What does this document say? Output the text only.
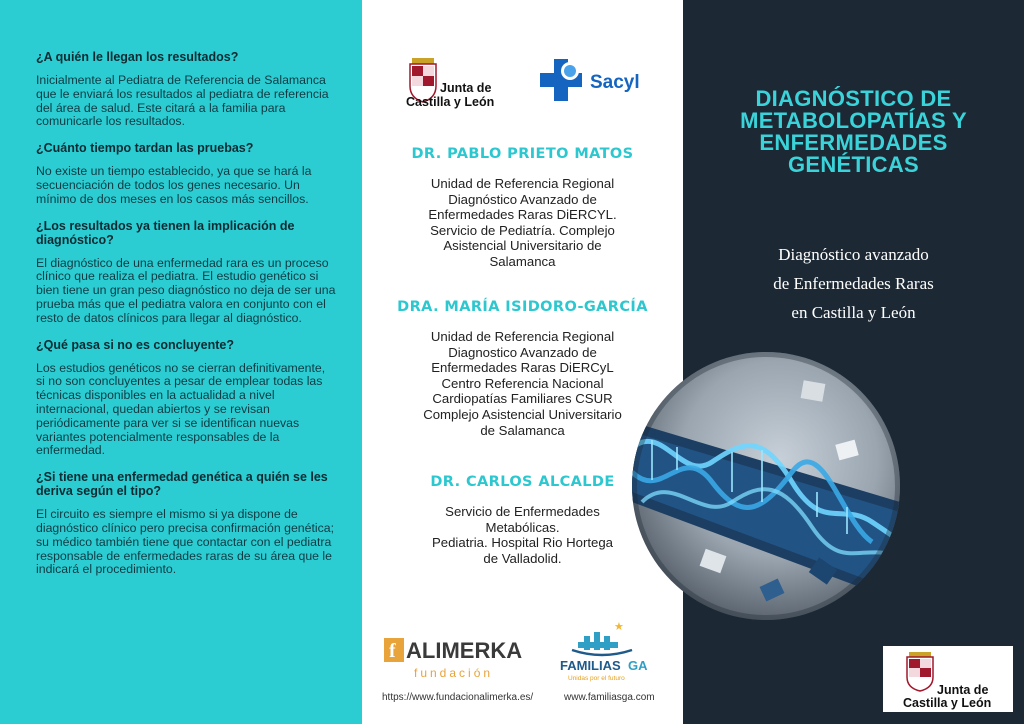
¿A quién le llegan los resultados?

Inicialmente al Pediatra de Referencia de Salamanca que le enviará los resultados al pediatra de referencia del área de salud. Este citará a la familia para comunicarle los resultados.

¿Cuánto tiempo tardan las pruebas?

No existe un tiempo establecido, ya que se hará la secuenciación de todos los genes necesario. Un mínimo de dos meses en los casos más sencillos.

¿Los resultados ya tienen la implicación de diagnóstico?

El diagnóstico de una enfermedad rara es un proceso clínico que realiza el pediatra. El estudio genético si bien tiene un gran peso diagnóstico no deja de ser una prueba más que el pediatra valora en conjunto con el resto de datos clínicos para llegar al diagnóstico.

¿Qué pasa si no es concluyente?

Los estudios genéticos no se cierran definitivamente, si no son concluyentes a pesar de emplear todas las técnicas disponibles en la actualidad a nivel internacional, quedan abiertos y se revisan periódicamente para ver si se identifican nuevas variantes potencialmente responsables de la enfermedad.

¿Si tiene una enfermedad genética a quién se les deriva según el tipo?

El circuito es siempre el mismo si ya dispone de diagnóstico clínico pero precisa confirmación genética; su médico también tiene que contactar con el pediatra responsable de enfermedades raras de su área que le indicará el procedimiento.

Junta de
Castilla y León
Sacyl
DR. PABLO PRIETO MATOS

Unidad de Referencia Regional

Diagnóstico Avanzado de

Enfermedades Raras DiERCYL.

Servicio de Pediatría. Complejo

Asistencial Universitario de

Salamanca

DRA. MARÍA ISIDORO-GARCÍA

Unidad de Referencia Regional

Diagnostico Avanzado de

Enfermedades Raras DiERCyL

Centro Referencia Nacional

Cardiopatías Familiares CSUR

Complejo Asistencial Universitario

de Salamanca

DR. CARLOS ALCALDE

Servicio de Enfermedades

Metabólicas.

Pediatria. Hospital Rio Hortega

de Valladolid.

f ALIMERKA
fundación
★
FAMILIAS GA
Unidas por el futuro
https://www.fundacionalimerka.es/	www.familiasga.com
DIAGNÓSTICO DE
METABOLOPATÍAS Y
ENFERMEDADES
GENÉTICAS
Diagnóstico avanzado
de Enfermedades Raras
en Castilla y León
Junta de
Castilla y León
